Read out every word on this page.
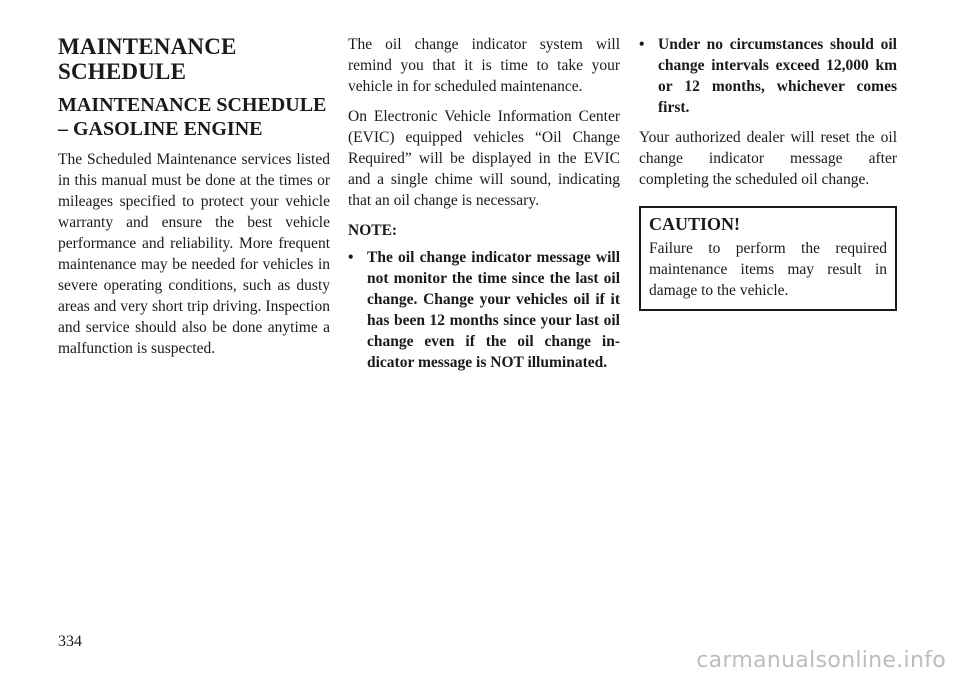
MAINTENANCE SCHEDULE
MAINTENANCE SCHEDULE – GASOLINE ENGINE

The Scheduled Maintenance services listed in this manual must be done at the times or mileages specified to protect your vehicle warranty and ensure the best vehicle performance and reliability. More frequent maintenance may be needed for vehicles in severe operating conditions, such as dusty areas and very short trip driving. Inspection and service should also be done anytime a malfunction is suspected.

The oil change indicator system will remind you that it is time to take your vehicle in for scheduled maintenance.

On Electronic Vehicle Information Center (EVIC) equipped vehicles “Oil Change Required” will be displayed in the EVIC and a single chime will sound, indicating that an oil change is necessary.

NOTE:
• The oil change indicator message will not monitor the time since the last oil change. Change your vehicles oil if it has been 12 months since your last oil change even if the oil change indicator message is NOT illuminated.
• Under no circumstances should oil change intervals exceed 12,000 km or 12 months, whichever comes first.

Your authorized dealer will reset the oil change indicator message after completing the scheduled oil change.

CAUTION!

Failure to perform the required maintenance items may result in damage to the vehicle.

334
carmanualsonline.info
